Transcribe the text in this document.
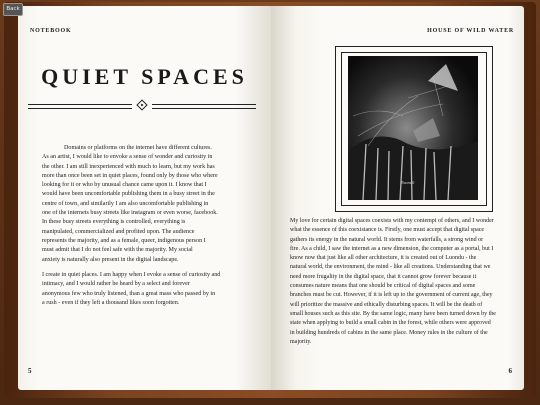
Back
NOTEBOOK
QUIET SPACES
Domains or platforms on the internet have different cultures.
As an artist, I would like to envoke a sense of wonder and curiosity in
the other. I am still inexperienced with much to learn, but my work has
more than once been set in quiet places, found only by those who where
looking for it or who by unusual chance came upon it. I know that I
would have been uncomfortable publishing them in a busy street in the
centre of town, and similarily I am also uncomfortable publishing in
one of the internets busy streets like instagram or even worse, facebook.
In these busy streets everything is controlled, everything is
manipulated, commercialized and profited upon. The audience
represents the majority, and as a female, queer, indigenous person I
must admit that I do not feel safe with the majority. My social
anxiety is naturally also present in the digital landscape.
I create in quiet places. I am happy when I evoke a sense of curiosity and
intimacy, and I would rather be heard by a select and forever
anonymous few who truly listened, than a great mass who passed by in
a rush - even if they left a thousand likes soon forgotten.
5
HOUSE OF WILD WATER
Nuora 0
My love for certain digital spaces coexists with my contempt of others, and I wonder
what the essence of this coexistance is. Firstly, one must accept that digital space
gathers its energy in the natural world. It stems from waterfalls, a strong wind or
fire. As a child, I saw the internet as a new dimension, the computer as a portal, but I
know now that just like all other architecture, it is created out of Luondu - the
natural world, the environment, the mind - like all creations. Understanding that we
need more frugality in the digital space, that it cannot grow forever because it
consumes nature means that one should be critical of digital spaces and some
branches must be cut. However, if it is left up to the government of current age, they
will prioritize the massive and ethically disturbing spaces. It will be the death of
small houses such as this site. By the same logic, many have been turned down by the
state when applying to build a small cabin in the forest, while others were approved
in building hundreds of cabins in the same place. Money rules in the culture of the
majority.
6
